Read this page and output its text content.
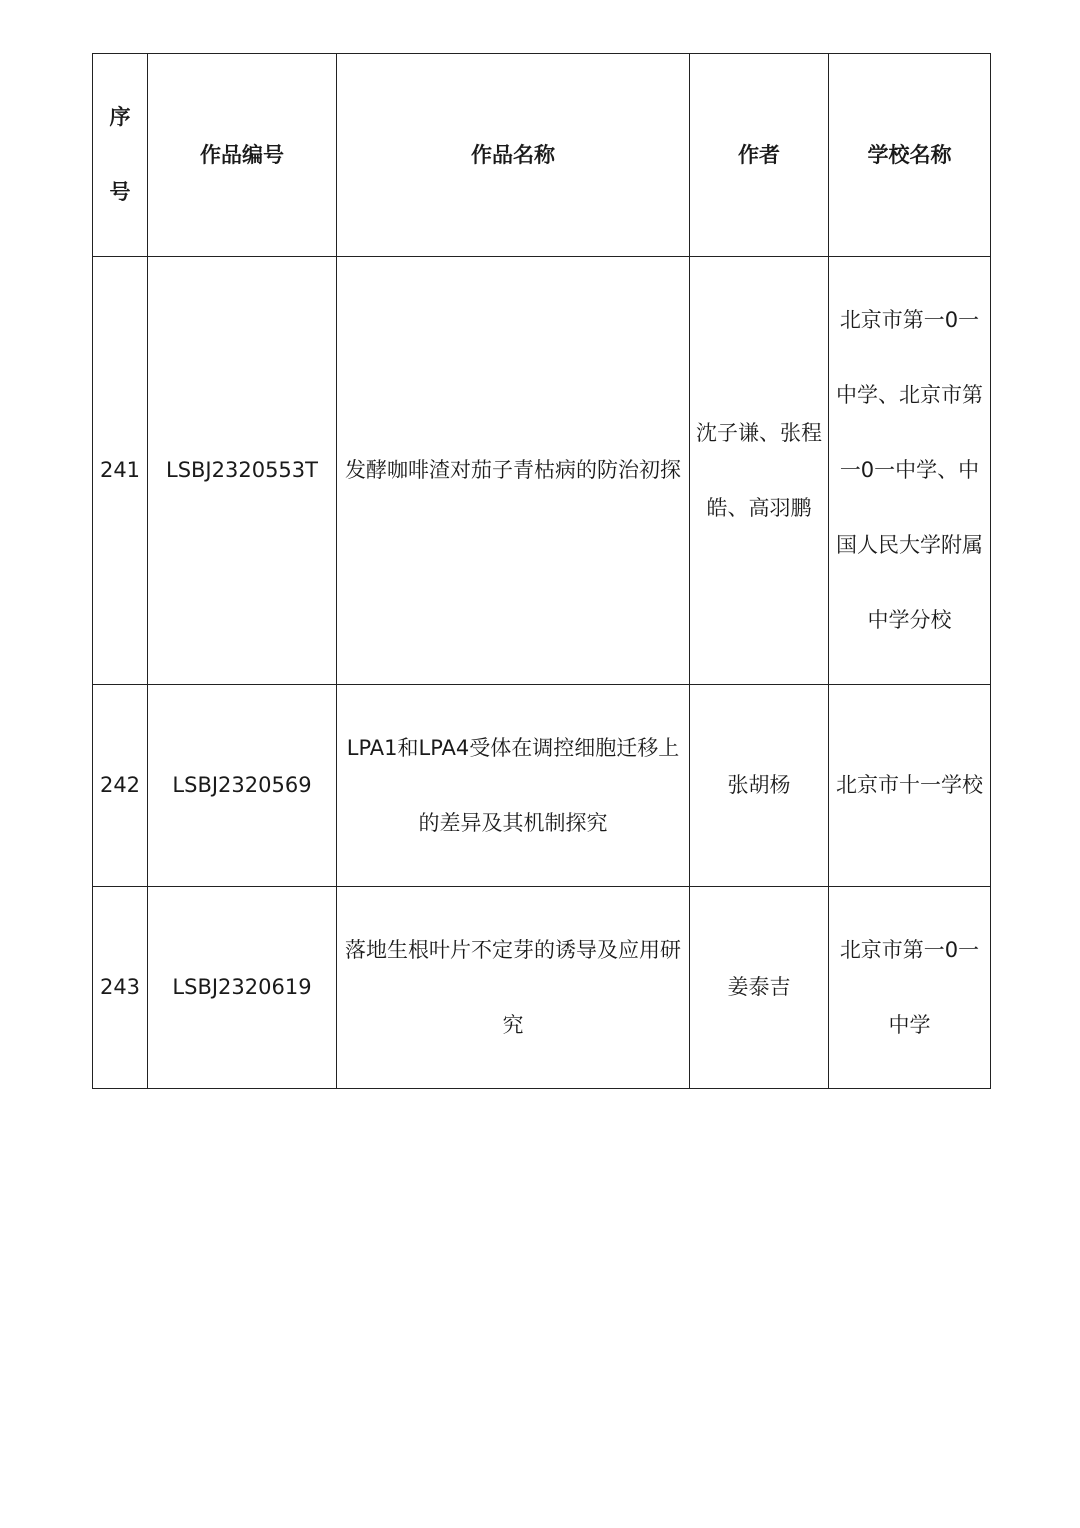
序
号	作品编号	作品名称	作者	学校名称
241	LSBJ2320553T	发酵咖啡渣对茄子青枯病的防治初探	沈子谦、张程皓、高羽鹏	北京市第一0一中学、北京市第一0一中学、中国人民大学附属中学分校
242	LSBJ2320569	LPA1和LPA4受体在调控细胞迁移上的差异及其机制探究	张胡杨	北京市十一学校
243	LSBJ2320619	落地生根叶片不定芽的诱导及应用研究	姜泰吉	北京市第一0一中学
